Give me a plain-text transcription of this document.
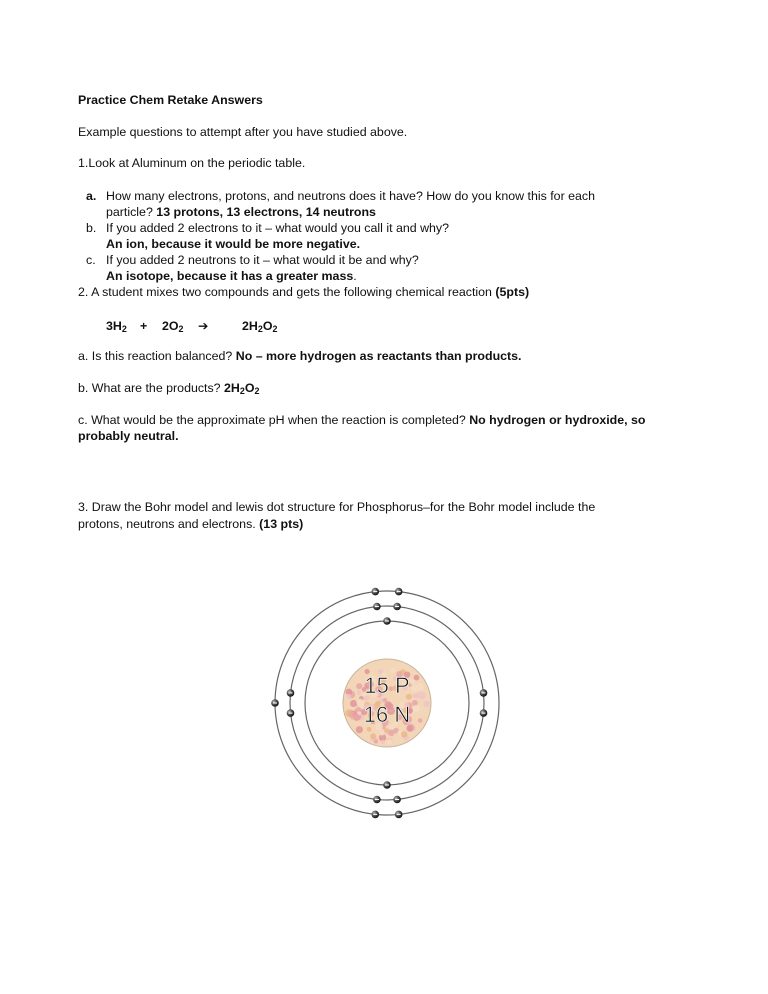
Practice Chem Retake Answers

Example questions to attempt after you have studied above.

1.Look at Aluminum on the periodic table.

a. How many electrons, protons, and neutrons does it have? How do you know this for each

particle? 13 protons, 13 electrons, 14 neutrons

b. If you added 2 electrons to it – what would you call it and why?

An ion, because it would be more negative.

c. If you added 2 neutrons to it – what would it be and why?

An isotope, because it has a greater mass.

2. A student mixes two compounds and gets the following chemical reaction (5pts)

$3H_2 + 2O_2$ ➔	$2H_2O_2$

a. Is this reaction balanced? No – more hydrogen as reactants than products.

b. What are the products? $2H_2O_2$

c. What would be the approximate pH when the reaction is completed? No hydrogen or hydroxide, so

probably neutral.

3. Draw the Bohr model and lewis dot structure for Phosphorus–for the Bohr model include the

protons, neutrons and electrons. (13 pts)

15 P
16 N
